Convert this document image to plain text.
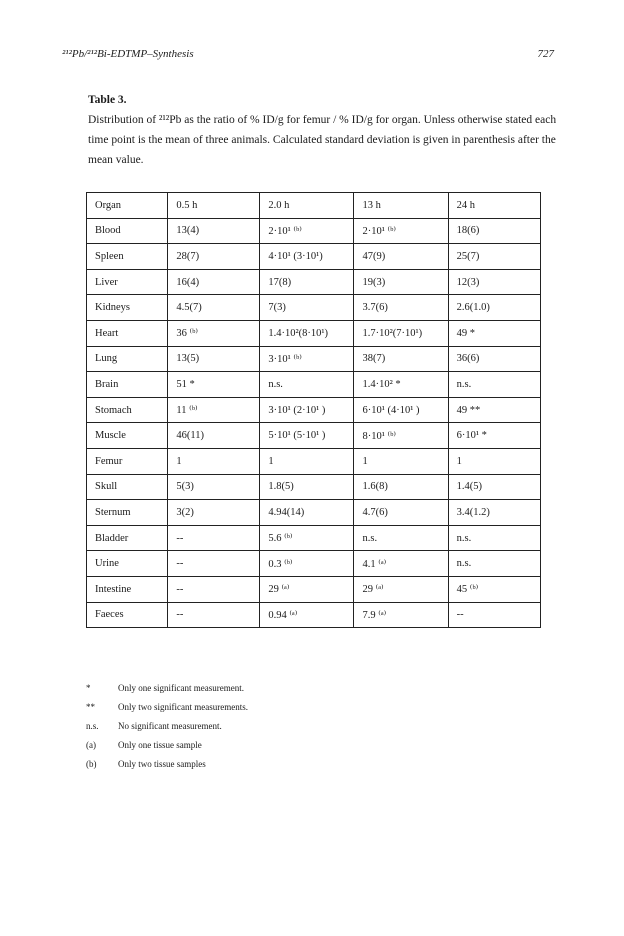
²¹²Pb/²¹²Bi-EDTMP–Synthesis	727
Table 3.
Distribution of ²¹²Pb as the ratio of % ID/g for femur / % ID/g for organ. Unless otherwise stated each time point is the mean of three animals. Calculated standard deviation is given in parenthesis after the mean value.
Organ	0.5 h	2.0 h	13 h	24 h
Blood	13(4)	2·10¹ ⁽ᵇ⁾	2·10¹ ⁽ᵇ⁾	18(6)
Spleen	28(7)	4·10¹ (3·10¹)	47(9)	25(7)
Liver	16(4)	17(8)	19(3)	12(3)
Kidneys	4.5(7)	7(3)	3.7(6)	2.6(1.0)
Heart	36 ⁽ᵇ⁾	1.4·10²(8·10¹)	1.7·10²(7·10¹)	49 *
Lung	13(5)	3·10¹ ⁽ᵇ⁾	38(7)	36(6)
Brain	51 *	n.s.	1.4·10² *	n.s.
Stomach	11 ⁽ᵇ⁾	3·10¹ (2·10¹ )	6·10¹ (4·10¹ )	49 **
Muscle	46(11)	5·10¹ (5·10¹ )	8·10¹ ⁽ᵇ⁾	6·10¹ *
Femur	1	1	1	1
Skull	5(3)	1.8(5)	1.6(8)	1.4(5)
Sternum	3(2)	4.94(14)	4.7(6)	3.4(1.2)
Bladder	--	5.6 ⁽ᵇ⁾	n.s.	n.s.
Urine	--	0.3 ⁽ᵇ⁾	4.1 ⁽ᵃ⁾	n.s.
Intestine	--	29 ⁽ᵃ⁾	29 ⁽ᵃ⁾	45 ⁽ᵇ⁾
Faeces	--	0.94 ⁽ᵃ⁾	7.9 ⁽ᵃ⁾	--
*	Only one significant measurement.
**	Only two significant measurements.
n.s.	No significant measurement.
(a)	Only one tissue sample
(b)	Only two tissue samples
